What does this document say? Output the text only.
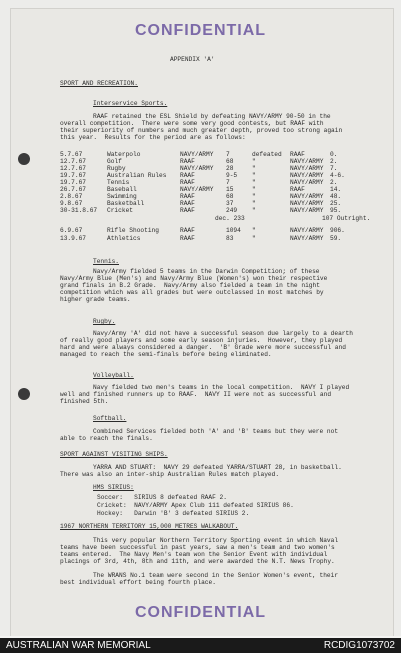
CONFIDENTIAL
APPENDIX 'A'
SPORT AND RECREATION.
Interservice Sports.
RAAF retained the ESL Shield by defeating NAVY/ARMY 90-50 in the
overall competition.  There were some very good contests, but RAAF with
their superiority of numbers and much greater depth, proved too strong again
this year.  Results for the period are as follows:
5.7.67	Waterpolo	NAVY/ARMY 7	defeated RAAF	0.
12.7.67	Golf	RAAF	68	"	NAVY/ARMY 2.
12.7.67	Rugby	NAVY/ARMY 28	"	NAVY/ARMY 7.
19.7.67	Australian Rules RAAF	9-5 "	NAVY/ARMY 4-6.
19.7.67	Tennis	RAAF	7	"	NAVY/ARMY 2.
26.7.67	Baseball	NAVY/ARMY 15	"	RAAF	14.
2.8.67	Swimming	RAAF	68	"	NAVY/ARMY 48.
9.8.67	Basketball	RAAF	37	"	NAVY/ARMY 25.
30-31.8.67 Cricket	RAAF	249 "	NAVY/ARMY 95.
dec. 233	107 Outright.
6.9.67	Rifle Shooting	RAAF	1094 "	NAVY/ARMY 906.
13.9.67	Athletics	RAAF	83	"	NAVY/ARMY 59.
Tennis.
Navy/Army fielded 5 teams in the Darwin Competition; of these
Navy/Army Blue (Men's) and Navy/Army Blue (Women's) won their respective
grand finals in B.2 Grade.  Navy/Army also fielded a team in the night
competition which was all grades but were outclassed in most matches by
higher grade teams.
Rugby.
Navy/Army 'A' did not have a successful season due largely to a dearth
of really good players and some early season injuries.  However, they played
hard and were always considered a danger.  'B' Grade were more successful and
managed to reach the semi-finals before being eliminated.
Volleyball.
Navy fielded two men's teams in the local competition.  NAVY I played
well and finished runners up to RAAF.  NAVY II were not as successful and
finished 5th.
Softball.
Combined Services fielded both 'A' and 'B' teams but they were not
able to reach the finals.
SPORT AGAINST VISITING SHIPS.
YARRA AND STUART:  NAVY 29 defeated YARRA/STUART 28, in basketball.
There was also an inter-ship Australian Rules match played.
HMS SIRIUS:
Soccer:   SIRIUS 8 defeated RAAF 2.
Cricket:  NAVY/ARMY Apex Club 111 defeated SIRIUS 86.
Hockey:   Darwin 'B' 3 defeated SIRIUS 2.
1967 NORTHERN TERRITORY 15,000 METRES WALKABOUT.
This very popular Northern Territory Sporting event in which Naval
teams have been successful in past years, saw a men's team and two women's
teams entered.  The Navy Men's team won the Senior Event with individual
placings of 3rd, 4th, 8th and 11th, and were awarded the N.T. News Trophy.
The WRANS No.1 team were second in the Senior Women's event, their
best individual effort being fourth place.
CONFIDENTIAL
AUSTRALIAN WAR MEMORIAL	RCDIG1073702
